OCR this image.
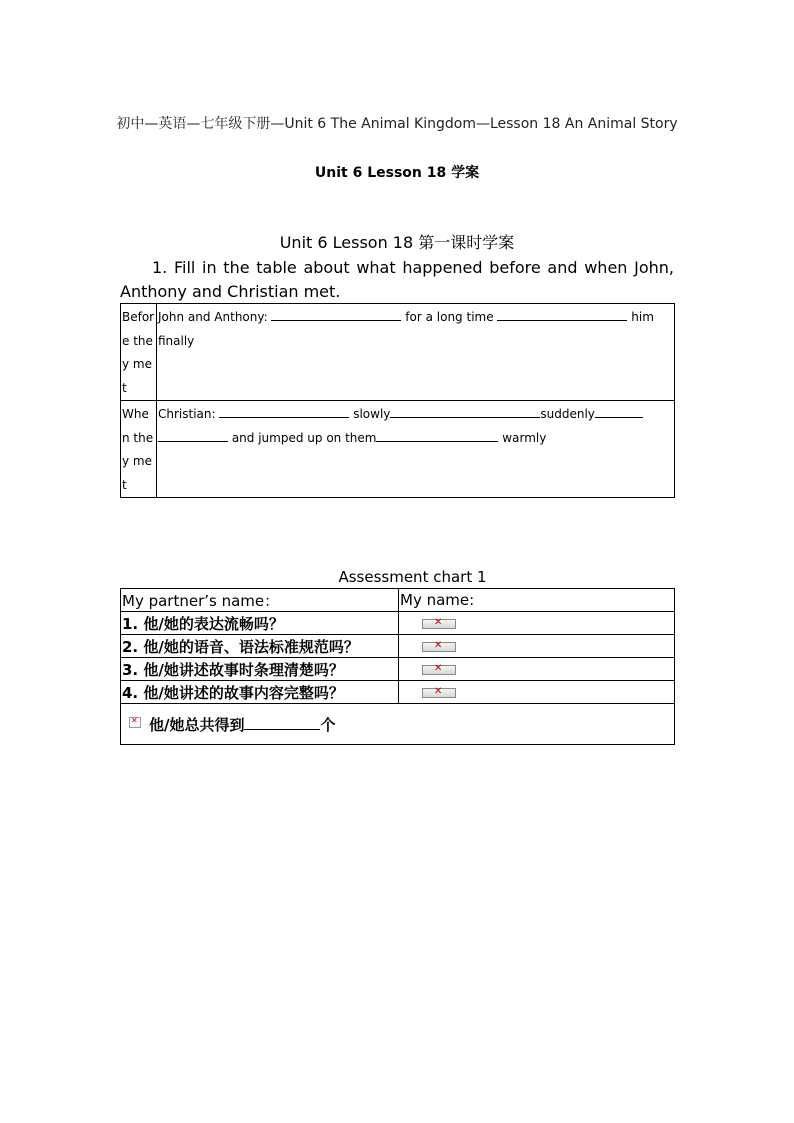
初中—英语—七年级下册—Unit 6 The Animal Kingdom—Lesson 18 An Animal Story
Unit 6 Lesson 18 学案
Unit 6 Lesson 18 第一课时学案
1. Fill in the table about what happened before and when John, Anthony and Christian met.
Before they met	John and Anthony: for a long time him finally
When they met	Christian: slowly suddenly
and jumped up on them warmly
Assessment chart 1
My partner’s name：	My name:
1. 他/她的表达流畅吗？	✕

2. 他/她的语音、语法标准规范吗？	✕

3. 他/她讲述故事时条理清楚吗？	✕

4. 他/她讲述的故事内容完整吗？	✕

✕ 他/她总共得到 个	
